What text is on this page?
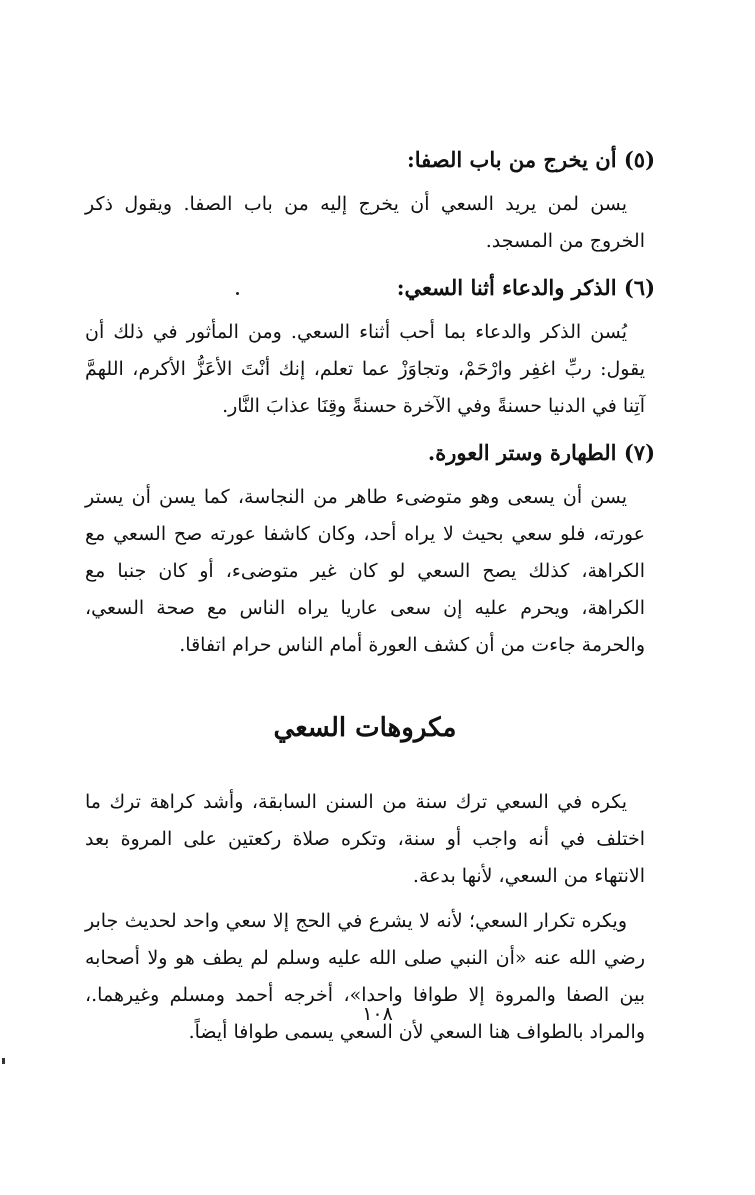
(٥) أن يخرج من باب الصفا:

يسن لمن يريد السعي أن يخرج إليه من باب الصفا. ويقول ذكر الخروج من المسجد.

(٦) الذكر والدعاء أثنا السعي:

يُسن الذكر والدعاء بما أحب أثناء السعي. ومن المأثور في ذلك أن يقول: ربِّ اغفِر وارْحَمْ، وتجاوَزْ عما تعلم، إنك أنْتَ الأعَزُّ الأكرم، اللهمَّ آتِنا في الدنيا حسنةً وفي الآخرة حسنةً وقِنَا عذابَ النَّار.

(٧) الطهارة وستر العورة.

يسن أن يسعى وهو متوضىء طاهر من النجاسة، كما يسن أن يستر عورته، فلو سعي بحيث لا يراه أحد، وكان كاشفا عورته صح السعي مع الكراهة، كذلك يصح السعي لو كان غير متوضىء، أو كان جنبا مع الكراهة، ويحرم عليه إن سعى عاريا يراه الناس مع صحة السعي، والحرمة جاءت من أن كشف العورة أمام الناس حرام اتفاقا.

مكروهات السعي

يكره في السعي ترك سنة من السنن السابقة، وأشد كراهة ترك ما اختلف في أنه واجب أو سنة، وتكره صلاة ركعتين على المروة بعد الانتهاء من السعي، لأنها بدعة.

ويكره تكرار السعي؛ لأنه لا يشرع في الحج إلا سعي واحد لحديث جابر رضي الله عنه «أن النبي صلى الله عليه وسلم لم يطف هو ولا أصحابه بين الصفا والمروة إلا طوافا واحدا»، أخرجه أحمد ومسلم وغيرهما.، والمراد بالطواف هنا السعي لأن السعي يسمى طوافا أيضاً.

١٠٨
